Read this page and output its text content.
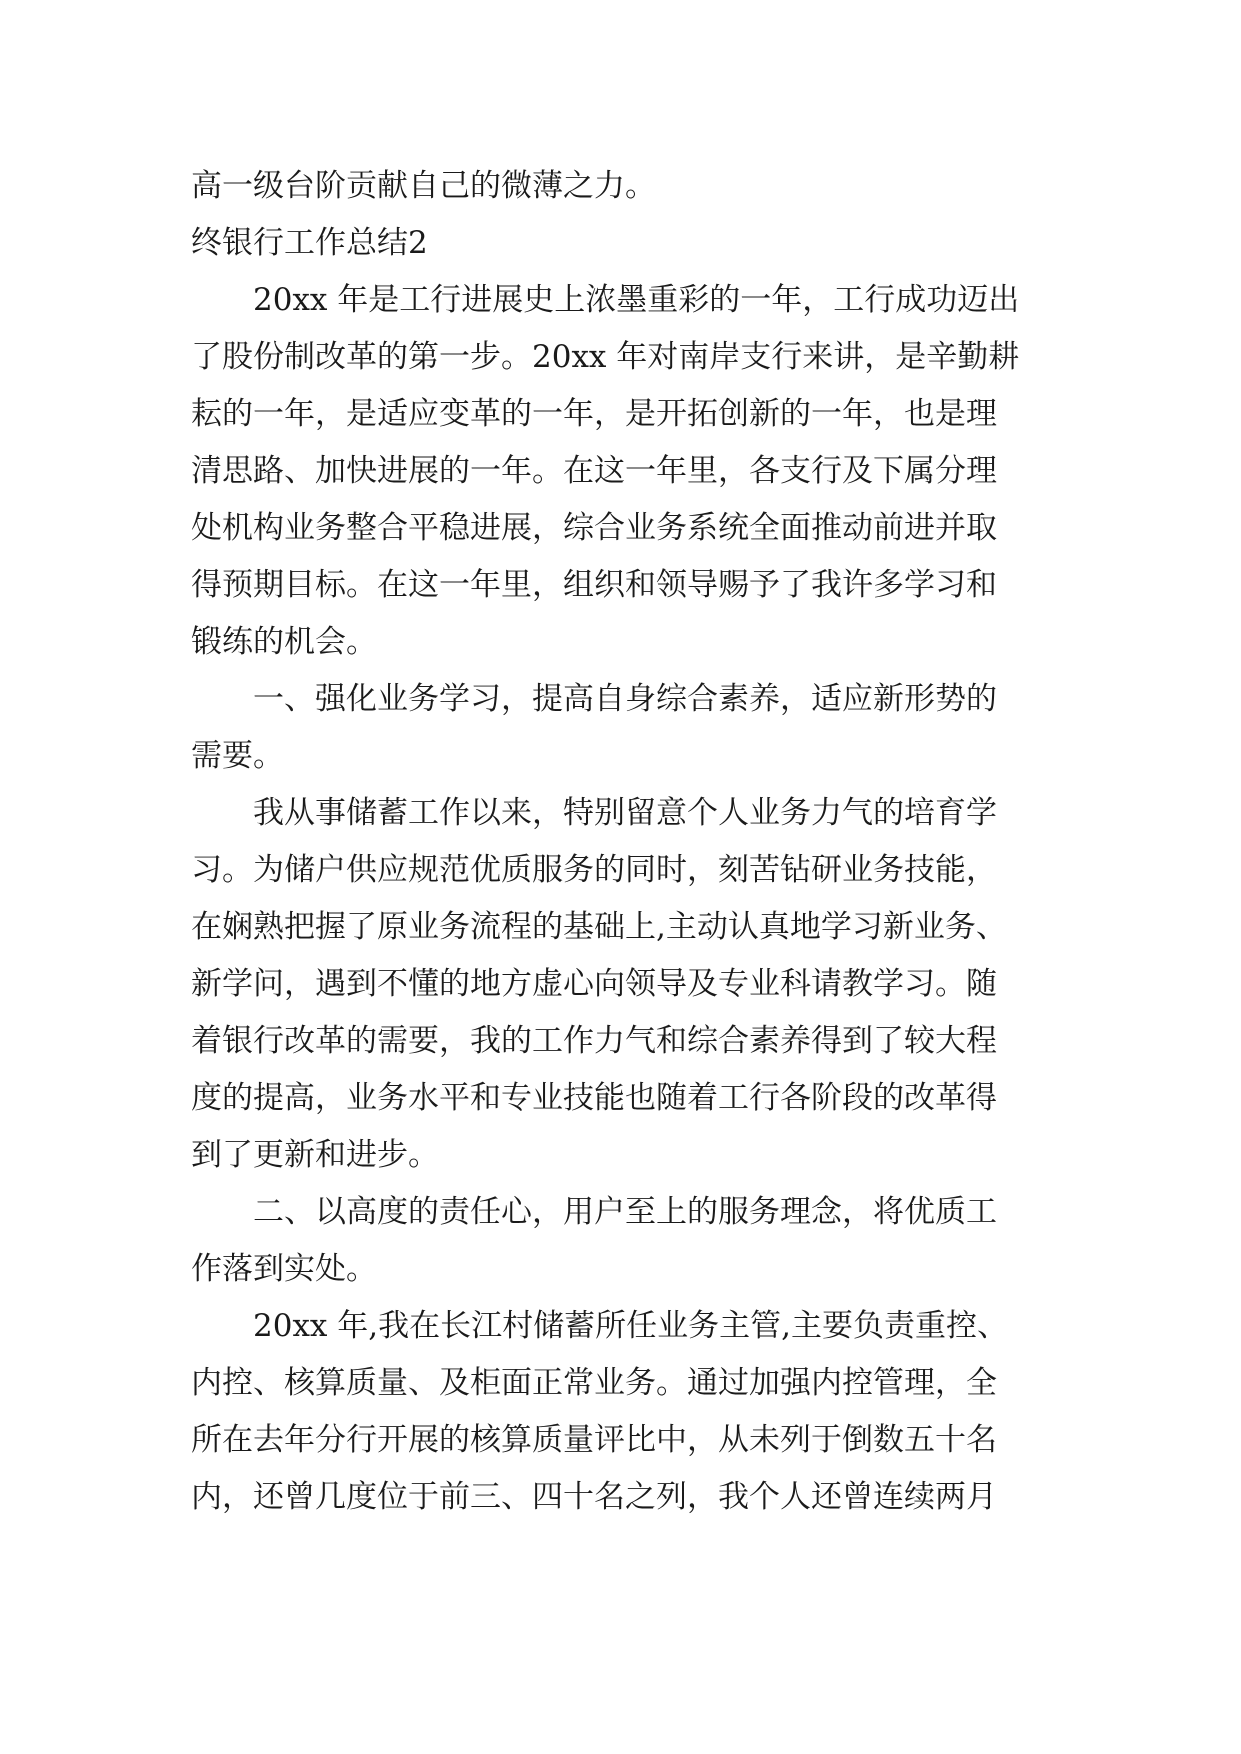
高一级台阶贡献自己的微薄之力。

终银行工作总结2

20xx 年是工行进展史上浓墨重彩的一年，工行成功迈出

了股份制改革的第一步。20xx 年对南岸支行来讲，是辛勤耕

耘的一年，是适应变革的一年，是开拓创新的一年，也是理

清思路、加快进展的一年。在这一年里，各支行及下属分理

处机构业务整合平稳进展，综合业务系统全面推动前进并取

得预期目标。在这一年里，组织和领导赐予了我许多学习和

锻练的机会。

一、强化业务学习，提高自身综合素养，适应新形势的

需要。

我从事储蓄工作以来，特别留意个人业务力气的培育学

习。为储户供应规范优质服务的同时，刻苦钻研业务技能，

在娴熟把握了原业务流程的基础上,主动认真地学习新业务、

新学问，遇到不懂的地方虚心向领导及专业科请教学习。随

着银行改革的需要，我的工作力气和综合素养得到了较大程

度的提高，业务水平和专业技能也随着工行各阶段的改革得

到了更新和进步。

二、以高度的责任心，用户至上的服务理念，将优质工

作落到实处。

20xx 年,我在长江村储蓄所任业务主管,主要负责重控、

内控、核算质量、及柜面正常业务。通过加强内控管理，全

所在去年分行开展的核算质量评比中，从未列于倒数五十名

内，还曾几度位于前三、四十名之列，我个人还曾连续两月
